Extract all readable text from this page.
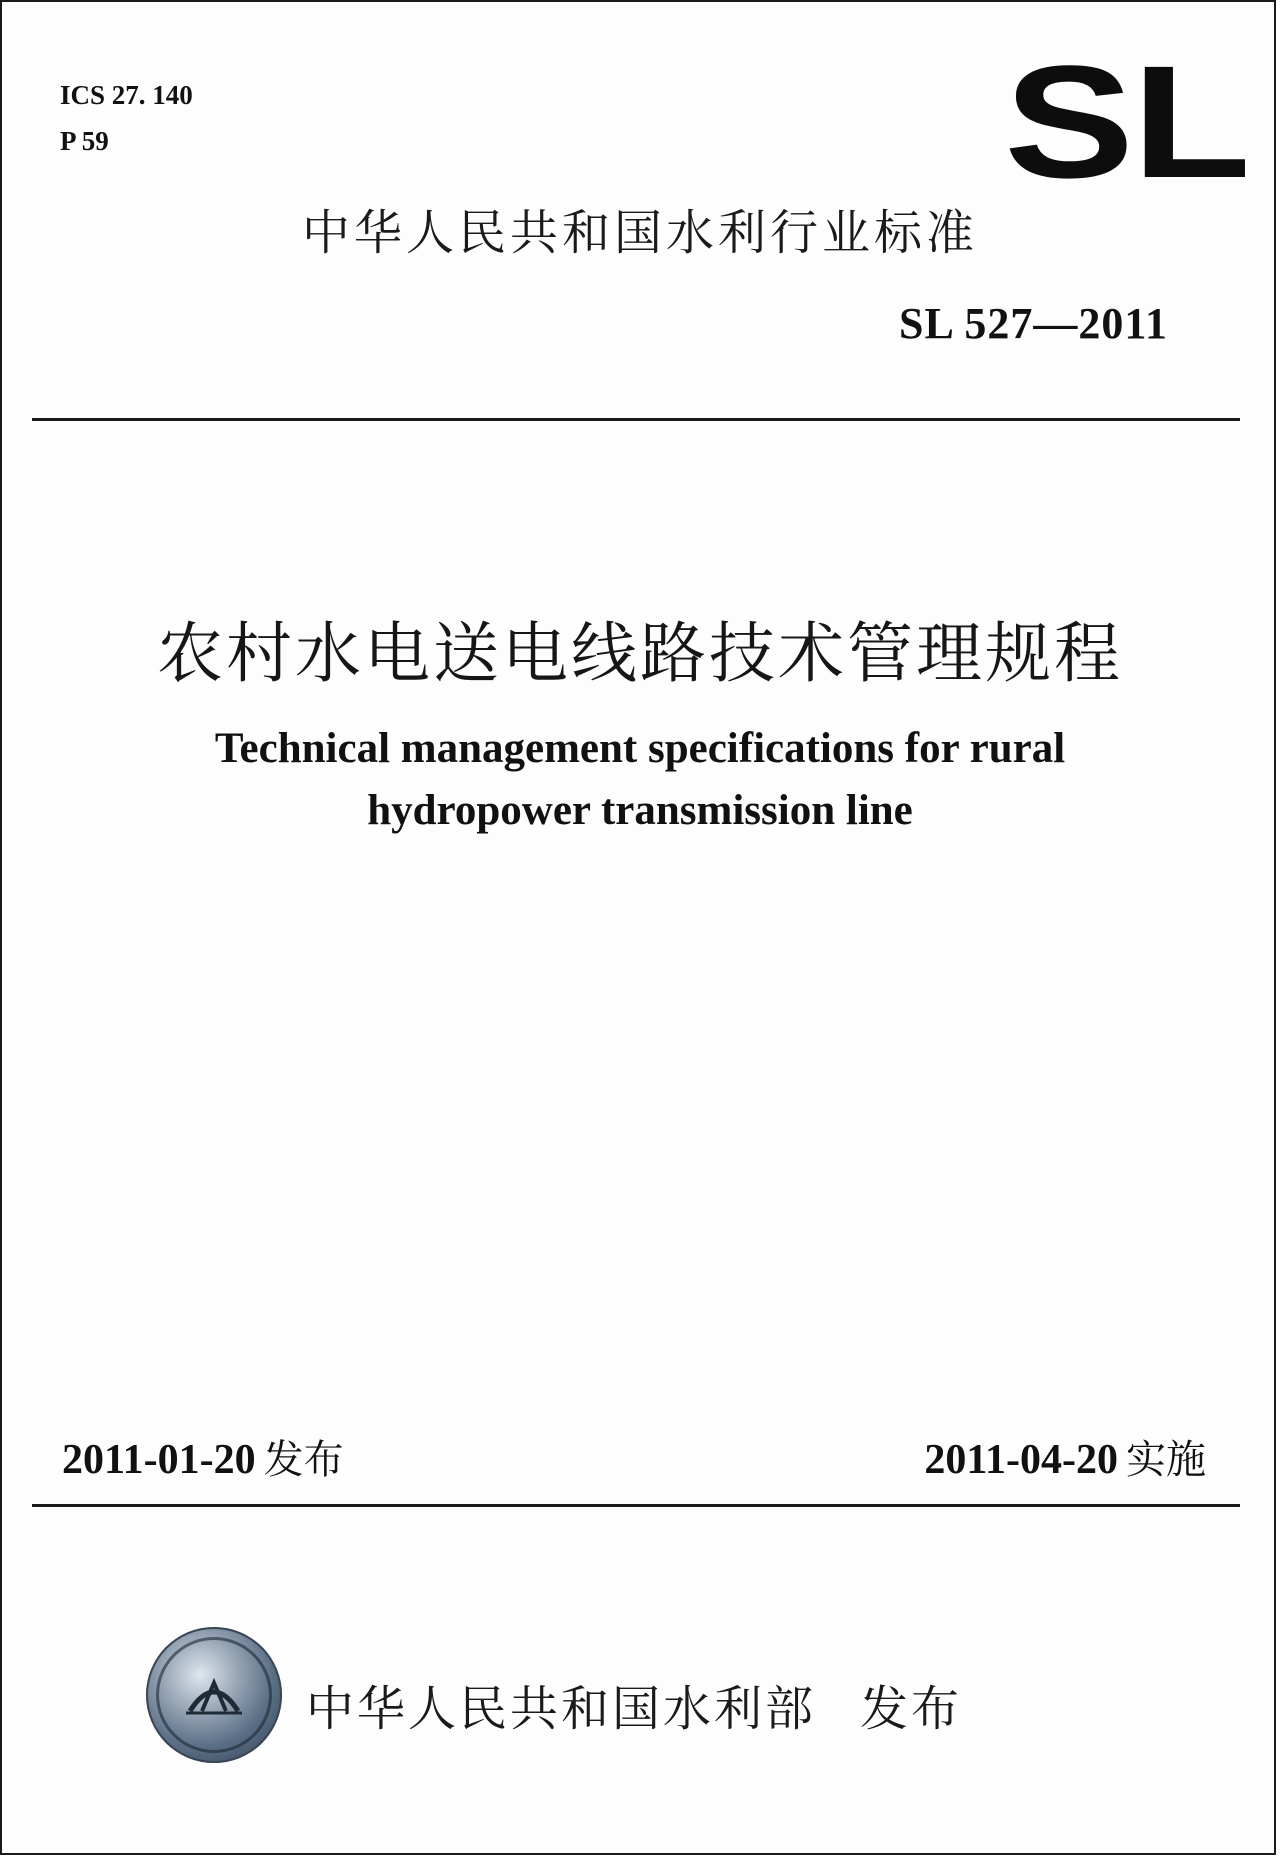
ICS 27. 140
P 59	SL
中华人民共和国水利行业标准
SL 527—2011
农村水电送电线路技术管理规程
Technical management specifications for rural
hydropower transmission line
2011-01-20 发布	2011-04-20 实施
中华人民共和国水利部 发布
